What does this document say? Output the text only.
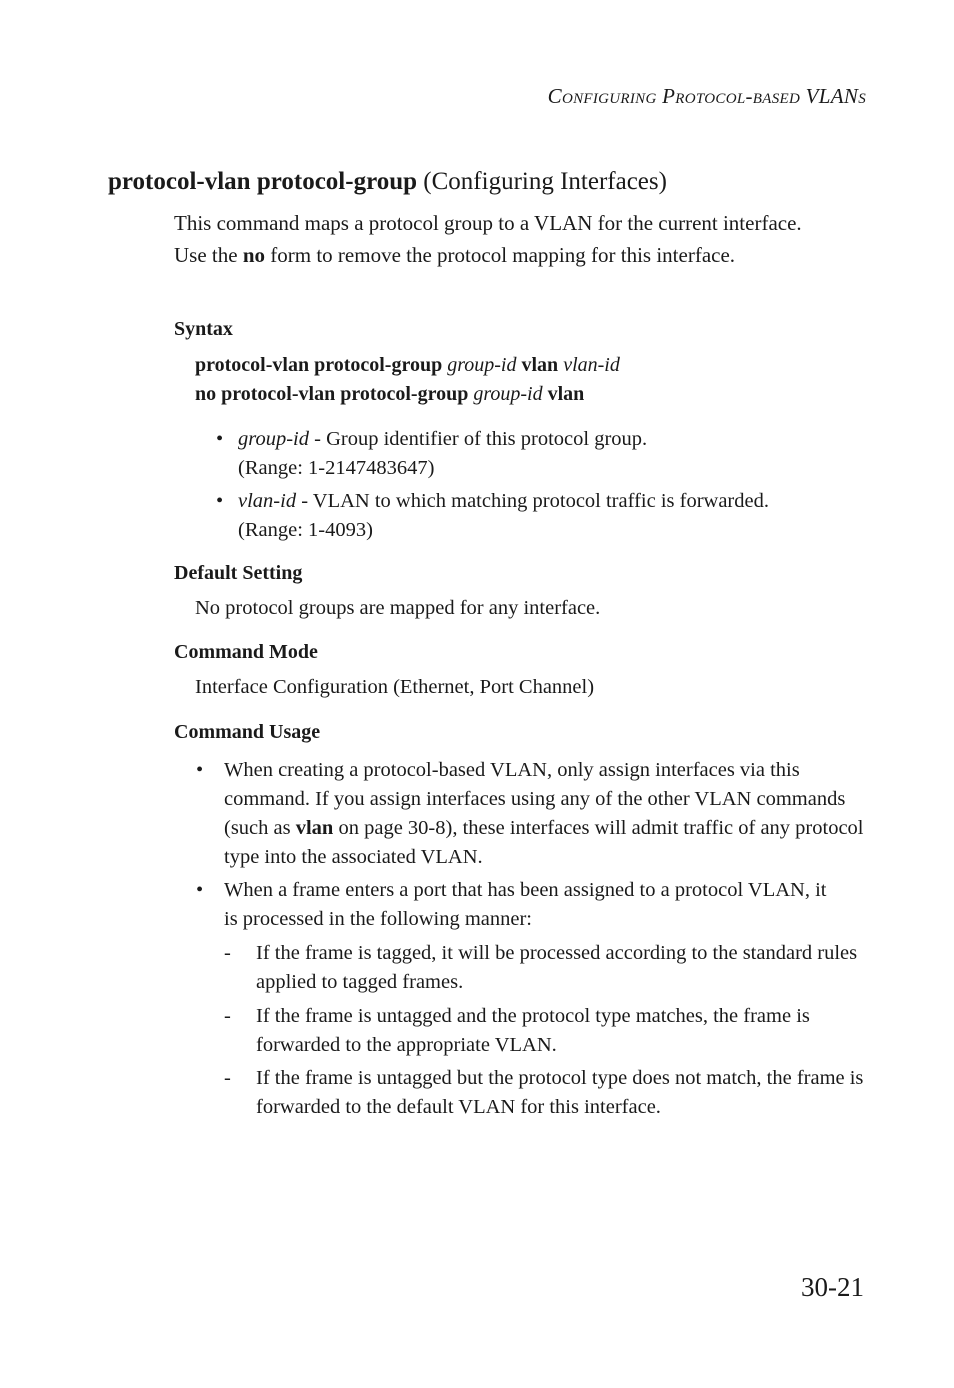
Configuring Protocol-based VLANs
protocol-vlan protocol-group (Configuring Interfaces)
This command maps a protocol group to a VLAN for the current interface. Use the no form to remove the protocol mapping for this interface.
Syntax
protocol-vlan protocol-group group-id vlan vlan-id
no protocol-vlan protocol-group group-id vlan
• group-id - Group identifier of this protocol group.
(Range: 1-2147483647)
• vlan-id - VLAN to which matching protocol traffic is forwarded.
(Range: 1-4093)
Default Setting
No protocol groups are mapped for any interface.
Command Mode
Interface Configuration (Ethernet, Port Channel)
Command Usage
• When creating a protocol-based VLAN, only assign interfaces via this command. If you assign interfaces using any of the other VLAN commands (such as vlan on page 30-8), these interfaces will admit traffic of any protocol type into the associated VLAN.
• When a frame enters a port that has been assigned to a protocol VLAN, it is processed in the following manner:
- If the frame is tagged, it will be processed according to the standard rules applied to tagged frames.
- If the frame is untagged and the protocol type matches, the frame is forwarded to the appropriate VLAN.
- If the frame is untagged but the protocol type does not match, the frame is forwarded to the default VLAN for this interface.
30-21
